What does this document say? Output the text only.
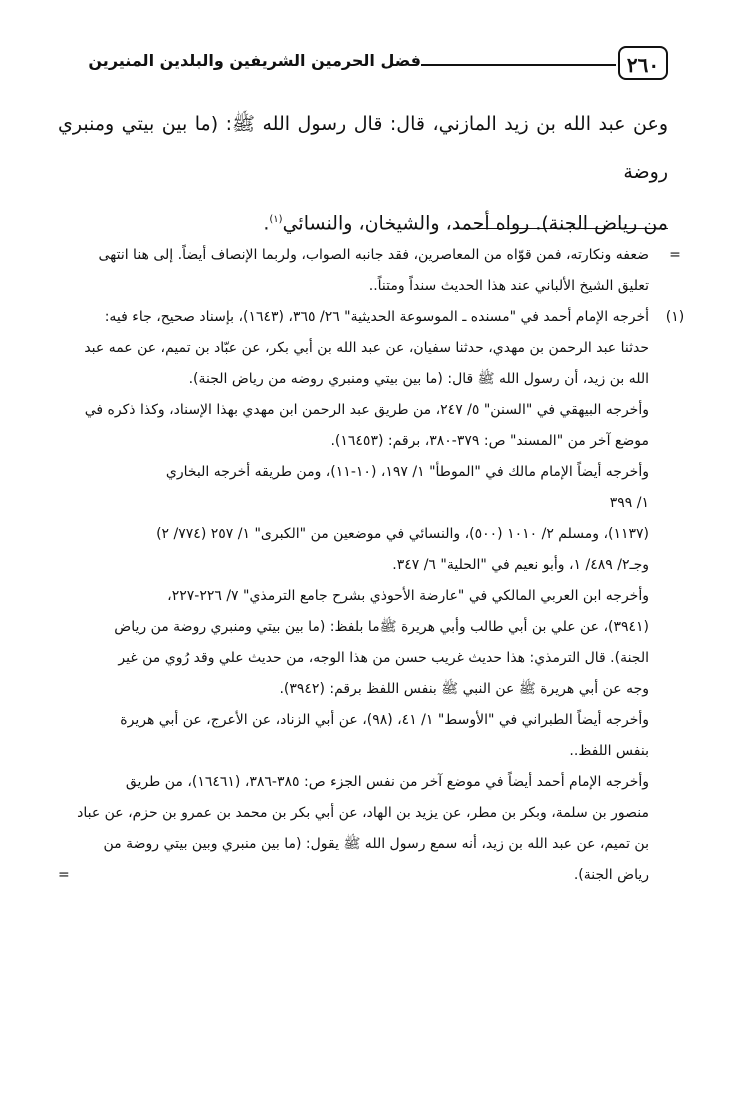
٢٦٠
فضل الحرمين الشريفين والبلدين المنيرين

وعن عبد الله بن زيد المازني، قال: قال رسول الله ﷺ: (ما بين بيتي ومنبري روضة

من رياض الجنة). رواه أحمد، والشيخان، والنسائي$^{(١)}$.

=
ضعفه ونكارته، فمن قوّاه من المعاصرين، فقد جانبه الصواب، ولربما الإنصاف أيضاً. إلى هنا انتهى
تعليق الشيخ الألباني عند هذا الحديث سنداً ومتناً..
(١)
أخرجه الإمام أحمد في "مسنده ـ الموسوعة الحديثية" ٢٦/ ٣٦٥، (١٦٤٣)، بإسناد صحيح، جاء فيه:
حدثنا عبد الرحمن بن مهدي، حدثنا سفيان، عن عبد الله بن أبي بكر، عن عبّاد بن تميم، عن عمه عبد
الله بن زيد، أن رسول الله ﷺ قال: (ما بين بيتي ومنبري روضه من رياض الجنة).
وأخرجه البيهقي في "السنن" ٥/ ٢٤٧، من طريق عبد الرحمن ابن مهدي بهذا الإسناد، وكذا ذكره في
موضع آخر من "المسند" ص: ٣٧٩-٣٨٠، برقم: (١٦٤٥٣).
وأخرجه أيضاً الإمام مالك في "الموطأ" ١/ ١٩٧، (١٠-١١)، ومن طريقه أخرجه البخاري
١/ ٣٩٩
(١١٣٧)، ومسلم ٢/ ١٠١٠ (٥٠٠)، والنسائي في موضعين من "الكبرى" ١/ ٢٥٧ (٧٧٤/ ٢)
وجـ٢/ ٤٨٩/ ١، وأبو نعيم في "الحلية" ٦/ ٣٤٧.
وأخرجه ابن العربي المالكي في "عارضة الأحوذي بشرح جامع الترمذي" ٧/ ٢٢٦-٢٢٧،
(٣٩٤١)، عن علي بن أبي طالب وأبي هريرة ﷺما بلفظ: (ما بين بيتي ومنبري روضة من رياض
الجنة). قال الترمذي: هذا حديث غريب حسن من هذا الوجه، من حديث علي وقد رُوي من غير
وجه عن أبي هريرة ﷺ عن النبي ﷺ بنفس اللفظ برقم: (٣٩٤٢).
وأخرجه أيضاً الطبراني في "الأوسط" ١/ ٤١، (٩٨)، عن أبي الزناد، عن الأعرج، عن أبي هريرة
بنفس اللفظ..
وأخرجه الإمام أحمد أيضاً في موضع آخر من نفس الجزء ص: ٣٨٥-٣٨٦، (١٦٤٦١)، من طريق
منصور بن سلمة، وبكر بن مطر، عن يزيد بن الهاد، عن أبي بكر بن محمد بن عمرو بن حزم، عن عباد
بن تميم، عن عبد الله بن زيد، أنه سمع رسول الله ﷺ يقول: (ما بين منبري وبين بيتي روضة من
رياض الجنة).
=
